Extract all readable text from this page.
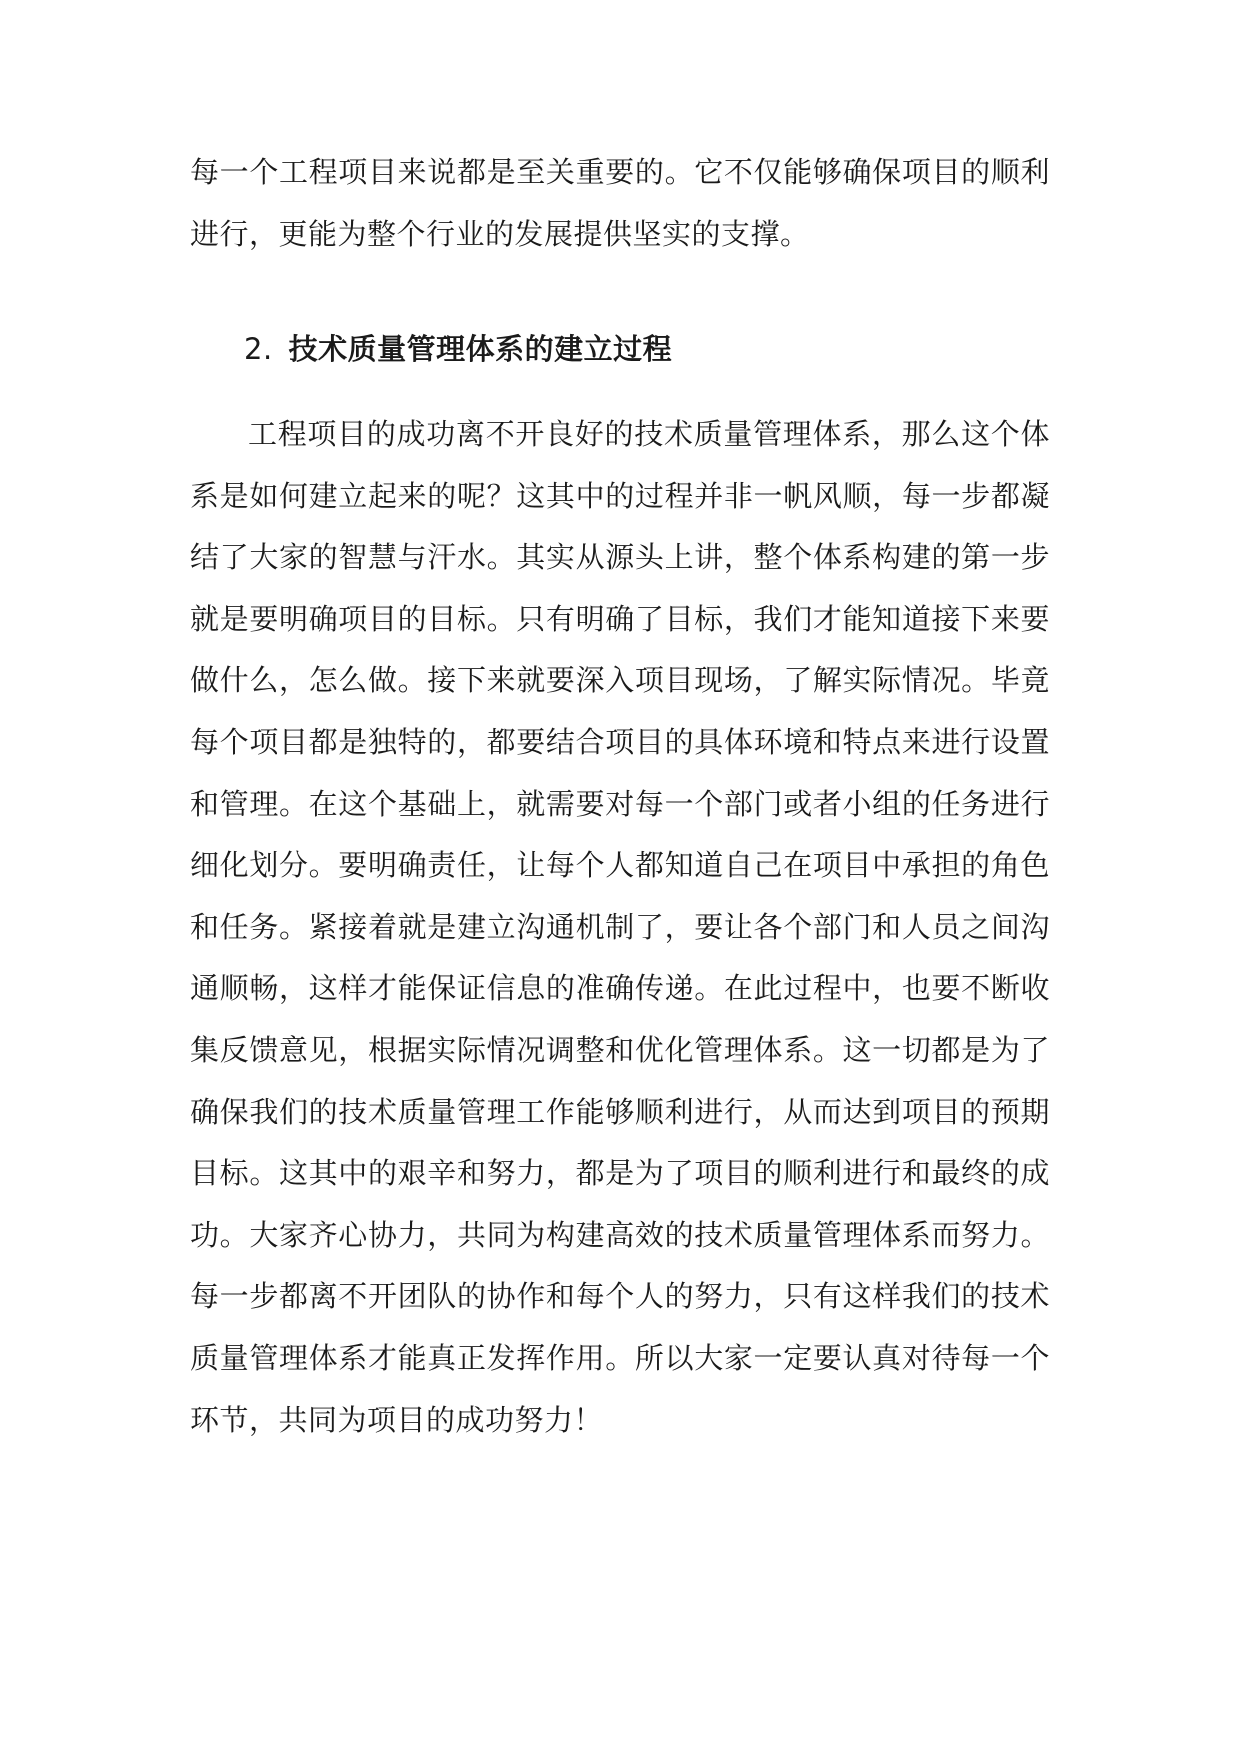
每一个工程项目来说都是至关重要的。它不仅能够确保项目的顺利进行，更能为整个行业的发展提供坚实的支撑。

2. 技术质量管理体系的建立过程

工程项目的成功离不开良好的技术质量管理体系，那么这个体系是如何建立起来的呢？这其中的过程并非一帆风顺，每一步都凝结了大家的智慧与汗水。其实从源头上讲，整个体系构建的第一步就是要明确项目的目标。只有明确了目标，我们才能知道接下来要做什么，怎么做。接下来就要深入项目现场，了解实际情况。毕竟每个项目都是独特的，都要结合项目的具体环境和特点来进行设置和管理。在这个基础上，就需要对每一个部门或者小组的任务进行细化划分。要明确责任，让每个人都知道自己在项目中承担的角色和任务。紧接着就是建立沟通机制了，要让各个部门和人员之间沟通顺畅，这样才能保证信息的准确传递。在此过程中，也要不断收集反馈意见，根据实际情况调整和优化管理体系。这一切都是为了确保我们的技术质量管理工作能够顺利进行，从而达到项目的预期目标。这其中的艰辛和努力，都是为了项目的顺利进行和最终的成功。大家齐心协力，共同为构建高效的技术质量管理体系而努力。每一步都离不开团队的协作和每个人的努力，只有这样我们的技术质量管理体系才能真正发挥作用。所以大家一定要认真对待每一个环节，共同为项目的成功努力！
